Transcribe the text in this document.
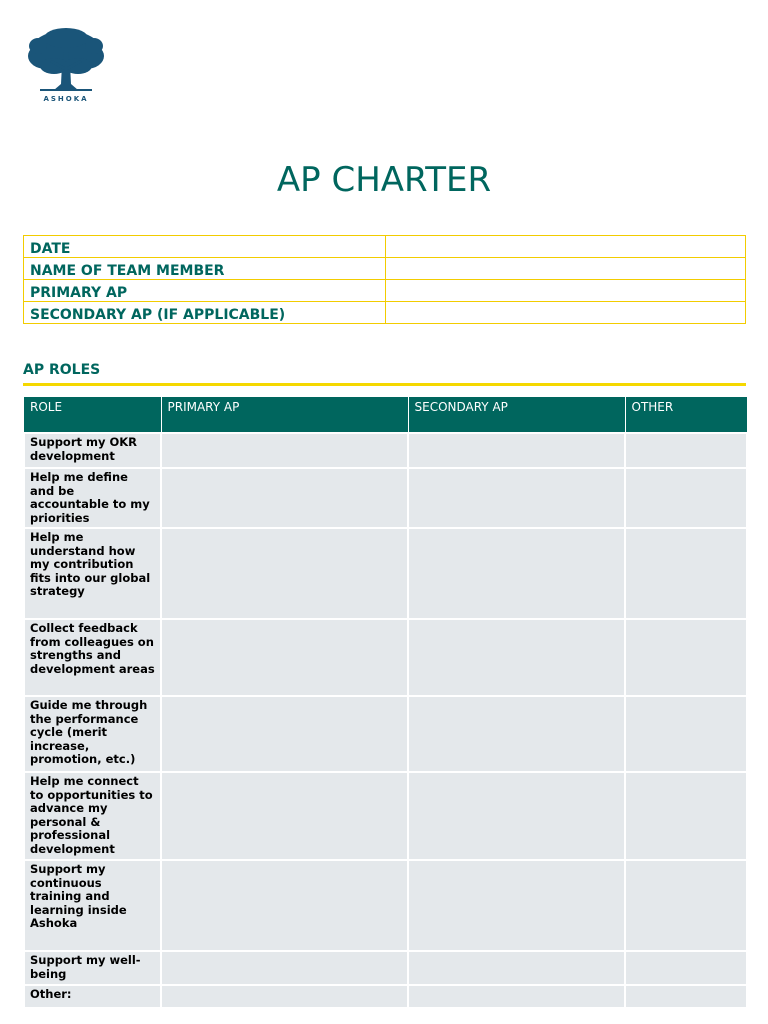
ASHOKA
AP CHARTER
DATE	
NAME OF TEAM MEMBER	
PRIMARY AP	
SECONDARY AP (IF APPLICABLE)	
AP ROLES
ROLE	PRIMARY AP	SECONDARY AP	OTHER
Support my OKR development			
Help me define and be accountable to my priorities			
Help me understand how my contribution fits into our global strategy			
Collect feedback from colleagues on strengths and development areas			
Guide me through the performance cycle (merit increase, promotion, etc.)			
Help me connect to opportunities to advance my personal & professional development			
Support my continuous training and learning inside Ashoka			
Support my well-being			
Other:			
